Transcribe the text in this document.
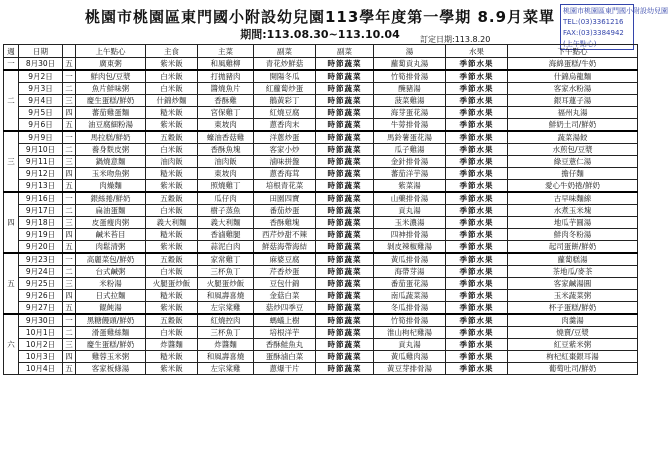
桃園市桃園區東門國小附設幼兒園113學年度第一學期 8.9月菜單
期間:113.08.30~113.10.04	訂定日期:113.8.20
桃園市桃園區東門國小附設幼兒園
TEL:(03)3361216
FAX:(03)3384942
(上午點心)
週	日期		上午點心	主食	主菜	副菜	副菜	湯	水果	下午點心
一	8月30日	五	廣東粥	紫米飯	和風雞柳	青花炒鮮菇	時節蔬菜	蘿蔔貢丸湯	季節水果	海綿蛋糕/牛奶
二	9月2日	一	鮮肉包/豆漿	白米飯	打拋豬肉	開陽冬瓜	時節蔬菜	竹筍排骨湯	季節水果	什錦烏龍麵
	9月3日	二	魚片鮮味粥	白米飯	醬燒魚片	紅蘿蔔炒蛋	時節蔬菜	醃豬湯	季節水果	客家水粉湯
	9月4日	三	慶生蛋糕/鮮奶	什錦炒麵	香酥雞	鵝黃彩丁	時節蔬菜	菠菜雞湯	季節水果	銀耳蓮子湯
	9月5日	四	蕃茄雞蛋麵	糙米飯	宮保雞丁	紅燒豆腐	時節蔬菜	海芽蛋花湯	季節水果	福州丸湯
	9月6日	五	油豆腐細粉湯	紫米飯	東坡肉	蔥香肉末	時節蔬菜	牛蒡排骨湯	季節水果	鮮奶土司/鮮奶
三	9月9日	一	馬拉糕/鮮奶	五穀飯	蠔油香菇雞	洋蔥炒蛋	時節蔬菜	馬鈴薯蛋花湯	季節水果	蔬菜湯餃
	9月10日	二	養身麩皮粥	白米飯	香酥魚塊	客家小炒	時節蔬菜	瓜子雞湯	季節水果	水煎包/豆漿
	9月11日	三	鍋燒意麵	油肉飯	油肉飯	滷味拼盤	時節蔬菜	金針排骨湯	季節水果	綠豆薏仁湯
	9月12日	四	玉米吻魚粥	糙米飯	東坡肉	蔥香海茸	時節蔬菜	蕃茄洋芋湯	季節水果	擔仔麵
	9月13日	五	肉燥麵	紫米飯	照燒雞丁	培根青花菜	時節蔬菜	紫菜湯	季節水果	愛心牛奶捲/鮮奶
四	9月16日	一	銀絲捲/鮮奶	五穀飯	瓜仔肉	田園四寶	時節蔬菜	山藥排骨湯	季節水果	古早味麵線
	9月17日	二	扁油蛋麵	白米飯	樹子蒸魚	番茄炒蛋	時節蔬菜	貢丸湯	季節水果	水煮玉米塊
	9月18日	三	皮蛋瘦肉粥	義大利麵	義大利麵	香酥雞塊	時節蔬菜	玉米濃湯	季節水果	地瓜芋圓湯
	9月19日	四	鹹米苔目	糙米飯	香滷雞腿	西芹炒甜不辣	時節蔬菜	四神排骨湯	季節水果	鮮肉冬粉湯
	9月20日	五	肉鬆清粥	紫米飯	蒜泥白肉	鮮菇海帶海結	時節蔬菜	剝皮辣椒雞湯	季節水果	起司蛋餅/鮮奶
五	9月23日	一	高麗菜包/鮮奶	五穀飯	家常雞丁	麻婆豆腐	時節蔬菜	黃瓜排骨湯	季節水果	蘿蔔糕湯
	9月24日	二	台式鹹粥	白米飯	三杯魚丁	芹香炒蛋	時節蔬菜	海帶芽湯	季節水果	茶地瓜/麥茶
	9月25日	三	米粉湯	火腿蛋炒飯	火腿蛋炒飯	豆包什錦	時節蔬菜	番茄蛋花湯	季節水果	客家鹹湯圓
	9月26日	四	日式拉麵	糙米飯	和風壽喜燒	金菇白菜	時節蔬菜	南瓜蔬菜湯	季節水果	玉米蔬菜粥
	9月27日	五	餛飩湯	紫米飯	左宗棠雞	菇炒四季豆	時節蔬菜	冬瓜排骨湯	季節水果	杯子蛋糕/鮮奶
六	9月30日	一	黑糖饅頭/鮮奶	五穀飯	紅燒控肉	螞蟻上樹	時節蔬菜	竹筍排骨湯	季節水果	肉羹湯
	10月1日	二	滑蛋雞絲麵	白米飯	三杯魚丁	培根洋芋	時節蔬菜	淮山枸杞雞湯	季節水果	燒賣/豆漿
	10月2日	三	慶生蛋糕/鮮奶	炸醬麵	炸醬麵	香酥鮭魚丸	時節蔬菜	貢丸湯	季節水果	紅豆紫米粥
	10月3日	四	雞蓉玉米粥	糙米飯	和風壽喜燒	蛋酥滷白菜	時節蔬菜	黃瓜雞肉湯	季節水果	枸杞紅棗銀耳湯
	10月4日	五	客家板條湯	紫米飯	左宗棠雞	蔥爆干片	時節蔬菜	黃豆芽排骨湯	季節水果	葡萄吐司/鮮奶
